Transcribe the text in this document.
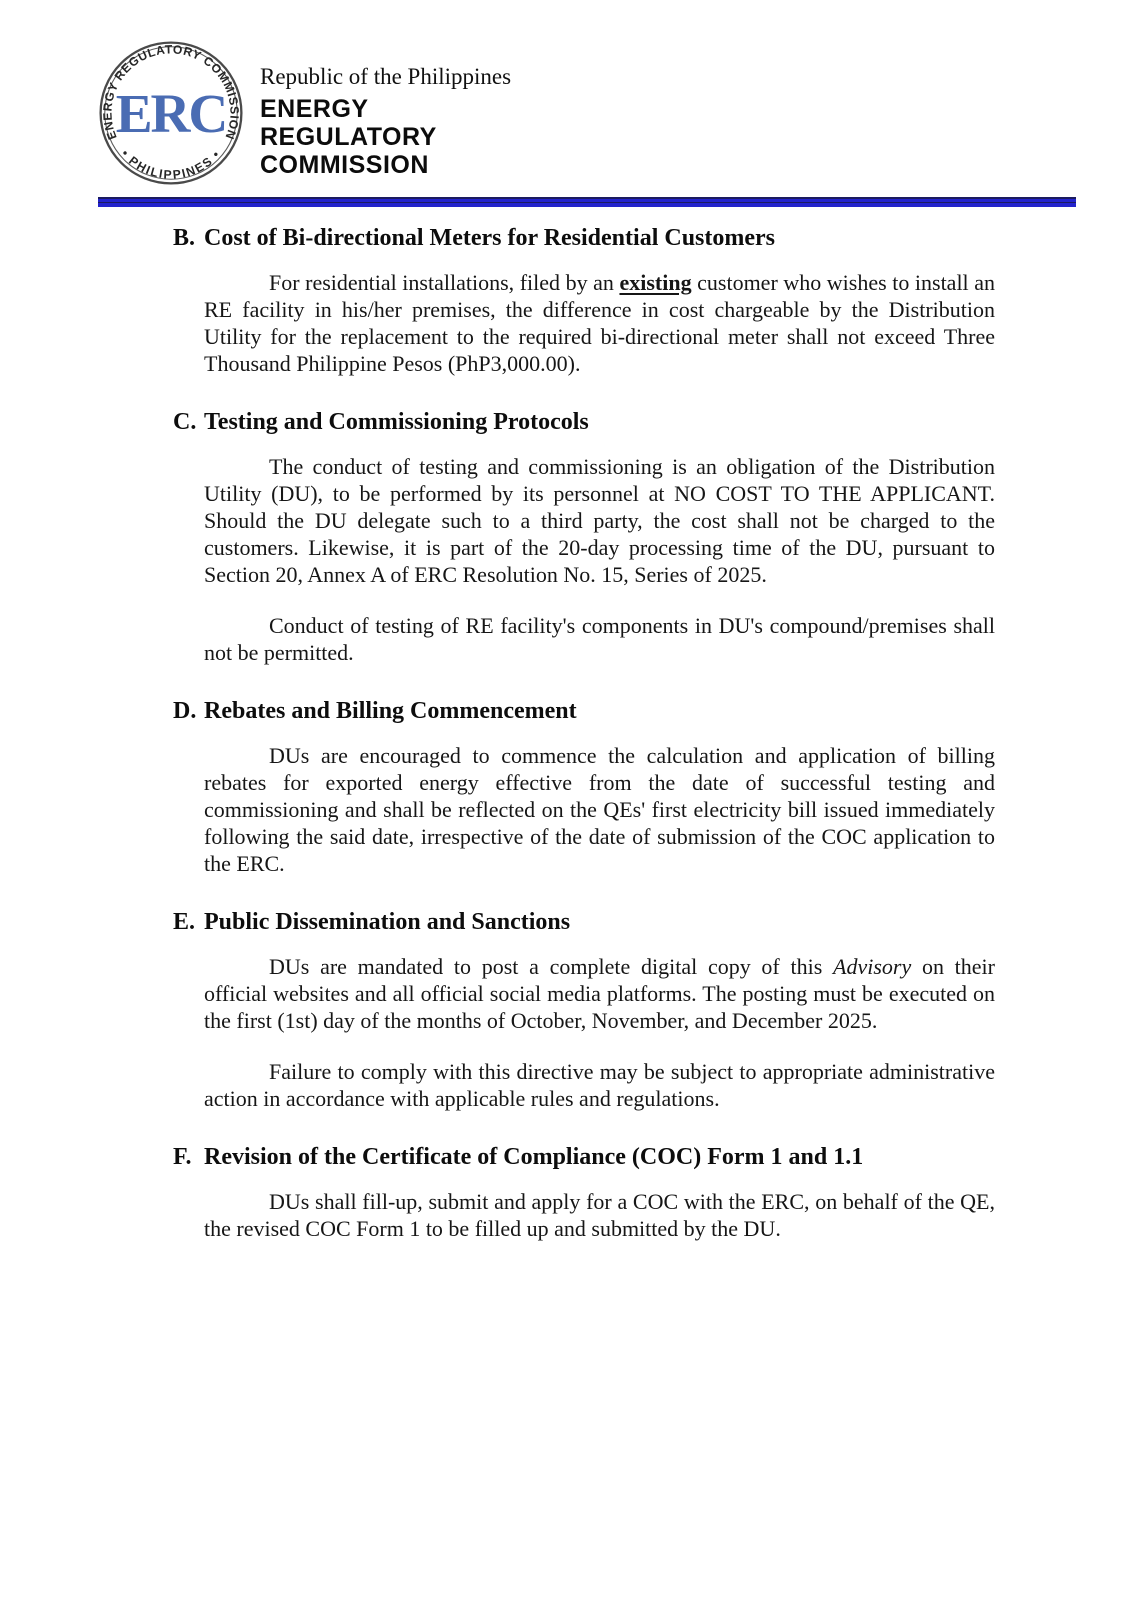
ENERGY REGULATORY COMMISSION
• PHILIPPINES •
ERC
Republic of the Philippines
ENERGY
REGULATORY
COMMISSION
B. Cost of Bi-directional Meters for Residential Customers

For residential installations, filed by an existing customer who wishes to install an RE facility in his/her premises, the difference in cost chargeable by the Distribution Utility for the replacement to the required bi-directional meter shall not exceed Three Thousand Philippine Pesos (PhP3,000.00).

C. Testing and Commissioning Protocols

The conduct of testing and commissioning is an obligation of the Distribution Utility (DU), to be performed by its personnel at NO COST TO THE APPLICANT. Should the DU delegate such to a third party, the cost shall not be charged to the customers. Likewise, it is part of the 20-day processing time of the DU, pursuant to Section 20, Annex A of ERC Resolution No. 15, Series of 2025.

Conduct of testing of RE facility's components in DU's compound/premises shall not be permitted.

D. Rebates and Billing Commencement

DUs are encouraged to commence the calculation and application of billing rebates for exported energy effective from the date of successful testing and commissioning and shall be reflected on the QEs' first electricity bill issued immediately following the said date, irrespective of the date of submission of the COC application to the ERC.

E. Public Dissemination and Sanctions

DUs are mandated to post a complete digital copy of this Advisory on their official websites and all official social media platforms. The posting must be executed on the first (1st) day of the months of October, November, and December 2025.

Failure to comply with this directive may be subject to appropriate administrative action in accordance with applicable rules and regulations.

F. Revision of the Certificate of Compliance (COC) Form 1 and 1.1

DUs shall fill-up, submit and apply for a COC with the ERC, on behalf of the QE, the revised COC Form 1 to be filled up and submitted by the DU.
